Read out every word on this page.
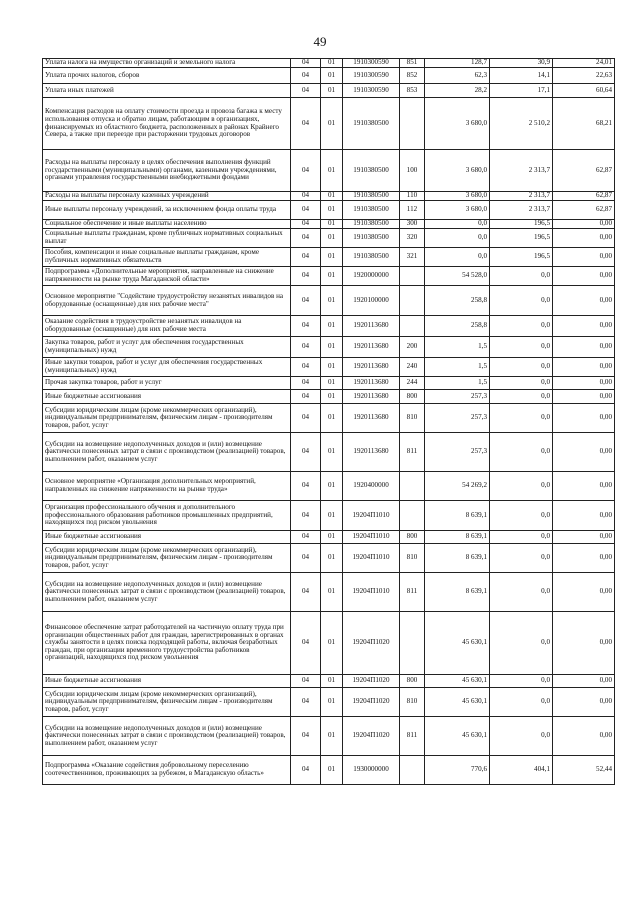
49
Уплата налога на имущество организаций и земельного налога	04	01	1910300590	851	128,7	30,9	24,01
Уплата прочих налогов, сборов	04	01	1910300590	852	62,3	14,1	22,63
Уплата иных платежей	04	01	1910300590	853	28,2	17,1	60,64
Компенсация расходов на оплату стоимости проезда и провоза багажа к месту использования отпуска и обратно лицам, работающим в организациях, финансируемых из областного бюджета, расположенных в районах Крайнего Севера, а также при переезде при расторжении трудовых договоров	04	01	1910380500		3 680,0	2 510,2	68,21
Расходы на выплаты персоналу в целях обеспечения выполнения функций государственными (муниципальными) органами, казенными учреждениями, органами управления государственными внебюджетными фондами	04	01	1910380500	100	3 680,0	2 313,7	62,87
Расходы на выплаты персоналу казенных учреждений	04	01	1910380500	110	3 680,0	2 313,7	62,87
Иные выплаты персоналу учреждений, за исключением фонда оплаты труда	04	01	1910380500	112	3 680,0	2 313,7	62,87
Социальное обеспечение и иные выплаты населению	04	01	1910380500	300	0,0	196,5	0,00
Социальные выплаты гражданам, кроме публичных нормативных социальных выплат	04	01	1910380500	320	0,0	196,5	0,00
Пособия, компенсации и иные социальные выплаты гражданам, кроме публичных нормативных обязательств	04	01	1910380500	321	0,0	196,5	0,00
Подпрограмма «Дополнительные мероприятия, направленные на снижение напряженности на рынке труда Магаданской области»	04	01	1920000000		54 528,0	0,0	0,00
Основное мероприятие "Содействие трудоустройству незанятых инвалидов на оборудованные (оснащенные) для них рабочие места"	04	01	1920100000		258,8	0,0	0,00
Оказание содействия в трудоустройстве незанятых инвалидов на оборудованные (оснащенные) для них рабочие места	04	01	1920113680		258,8	0,0	0,00
Закупка товаров, работ и услуг для обеспечения государственных (муниципальных) нужд	04	01	1920113680	200	1,5	0,0	0,00
Иные закупки товаров, работ и услуг для обеспечения государственных (муниципальных) нужд	04	01	1920113680	240	1,5	0,0	0,00
Прочая закупка товаров, работ и услуг	04	01	1920113680	244	1,5	0,0	0,00
Иные бюджетные ассигнования	04	01	1920113680	800	257,3	0,0	0,00
Субсидии юридическим лицам (кроме некоммерческих организаций), индивидуальным предпринимателям, физическим лицам - производителям товаров, работ, услуг	04	01	1920113680	810	257,3	0,0	0,00
Субсидии на возмещение недополученных доходов и (или) возмещение фактически понесенных затрат в связи с производством (реализацией) товаров, выполнением работ, оказанием услуг	04	01	1920113680	811	257,3	0,0	0,00
Основное мероприятие «Организация дополнительных мероприятий, направленных на снижение напряженности на рынке труда»	04	01	1920400000		54 269,2	0,0	0,00
Организация профессионального обучения и дополнительного профессионального образования работников промышленных предприятий, находящихся под риском увольнения	04	01	19204П1010		8 639,1	0,0	0,00
Иные бюджетные ассигнования	04	01	19204П1010	800	8 639,1	0,0	0,00
Субсидии юридическим лицам (кроме некоммерческих организаций), индивидуальным предпринимателям, физическим лицам - производителям товаров, работ, услуг	04	01	19204П1010	810	8 639,1	0,0	0,00
Субсидии на возмещение недополученных доходов и (или) возмещение фактически понесенных затрат в связи с производством (реализацией) товаров, выполнением работ, оказанием услуг	04	01	19204П1010	811	8 639,1	0,0	0,00
Финансовое обеспечение затрат работодателей на частичную оплату труда при организации общественных работ для граждан, зарегистрированных в органах службы занятости в целях поиска подходящей работы, включая безработных граждан, при организации временного трудоустройства работников организаций, находящихся под риском увольнения	04	01	19204П1020		45 630,1	0,0	0,00
Иные бюджетные ассигнования	04	01	19204П1020	800	45 630,1	0,0	0,00
Субсидии юридическим лицам (кроме некоммерческих организаций), индивидуальным предпринимателям, физическим лицам - производителям товаров, работ, услуг	04	01	19204П1020	810	45 630,1	0,0	0,00
Субсидии на возмещение недополученных доходов и (или) возмещение фактически понесенных затрат в связи с производством (реализацией) товаров, выполнением работ, оказанием услуг	04	01	19204П1020	811	45 630,1	0,0	0,00
Подпрограмма «Оказание содействия добровольному переселению соотечественников, проживающих за рубежом, в Магаданскую область»	04	01	1930000000		770,6	404,1	52,44
